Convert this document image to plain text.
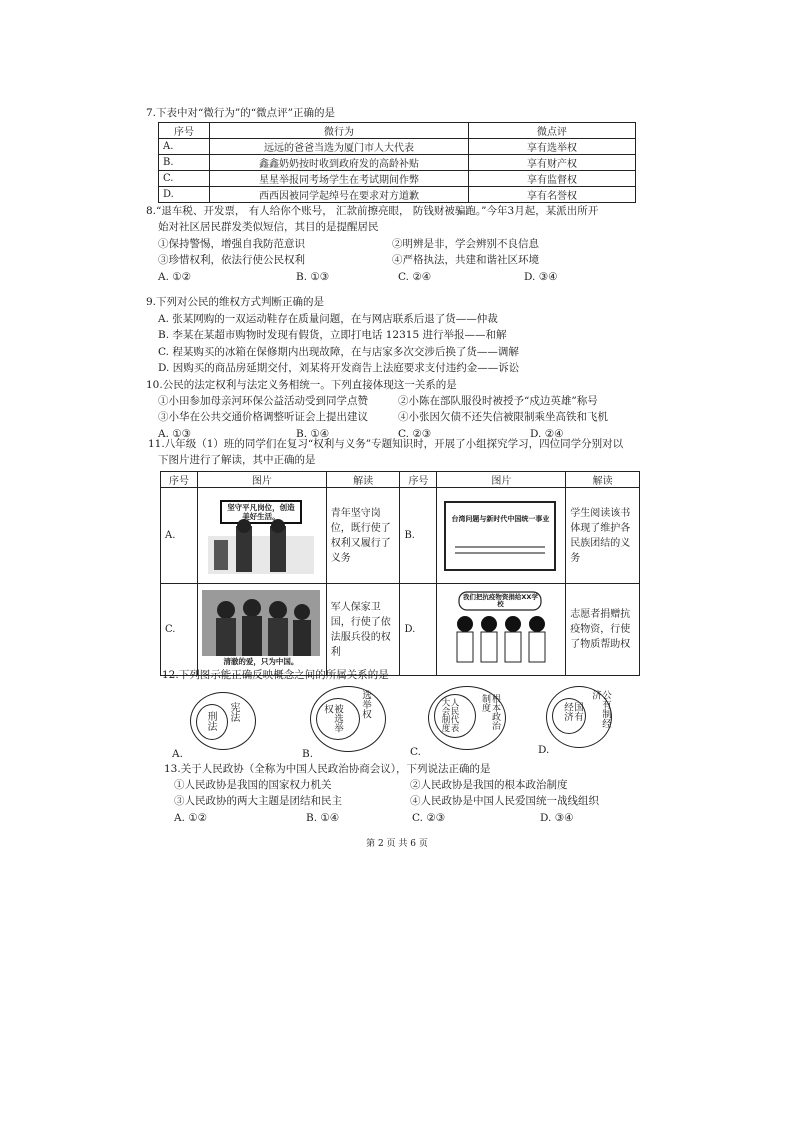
7.下表中对“微行为”的“微点评”正确的是
序号	微行为	微点评
A.	远远的爸爸当选为厦门市人大代表	享有选举权
B.	鑫鑫奶奶按时收到政府发的高龄补贴	享有财产权
C.	星星举报同考场学生在考试期间作弊	享有监督权
D.	西西因被同学起绰号在要求对方道歉	享有名誉权
8.“退车税、开发票， 有人给你个账号， 汇款前擦亮眼， 防钱财被骗跑。”今年3月起，某派出所开
始对社区居民群发类似短信，其目的是提醒居民
①保持警惕，增强自我防范意识	②明辨是非，学会辨别不良信息
③珍惜权利，依法行使公民权利	④严格执法，共建和谐社区环境
A. ①②	B. ①③	C. ②④	D. ③④
9.下列对公民的维权方式判断正确的是
A. 张某网购的一双运动鞋存在质量问题，在与网店联系后退了货——仲裁
B. 李某在某超市购物时发现有假货，立即打电话 12315 进行举报——和解
C. 程某购买的冰箱在保修期内出现故障，在与店家多次交涉后换了货——调解
D. 因购买的商品房延期交付，刘某将开发商告上法庭要求支付违约金——诉讼
10.公民的法定权利与法定义务相统一。下列直接体现这一关系的是
①小田参加母亲河环保公益活动受到同学点赞	②小陈在部队服役时被授予“戍边英雄”称号
③小华在公共交通价格调整听证会上提出建议	④小张因欠债不还失信被限制乘坐高铁和飞机
A. ①③	B. ①④	C. ②③	D. ②④
11.八年级（1）班的同学们在复习“权利与义务”专题知识时，开展了小组探究学习，四位同学分别对以
下图片进行了解读，其中正确的是
序号	图片	解读	序号	图片	解读
A.	坚守平凡岗位，创造美好生活。	青年坚守岗位，既行使了权利又履行了义务	B.	台湾问题与新时代中国统一事业	学生阅读该书体现了维护各民族团结的义务
C.	清澈的爱，只为中国。	军人保家卫国，行使了依法服兵役的权利	D.	我们把抗疫物资捐给XX学校	志愿者捐赠抗疫物资，行使了物质帮助权
12.下列图示能正确反映概念之间的所属关系的是
宪法
刑法
A.
选举权
被选举权
B.
人民代表大会制度	根本政治制度
C.
公有制经济
国有经济
D.
13.关于人民政协（全称为中国人民政治协商会议），下列说法正确的是
①人民政协是我国的国家权力机关	②人民政协是我国的根本政治制度
③人民政协的两大主题是团结和民主	④人民政协是中国人民爱国统一战线组织
A. ①②	B. ①④	C. ②③	D. ③④
第 2 页 共 6 页
